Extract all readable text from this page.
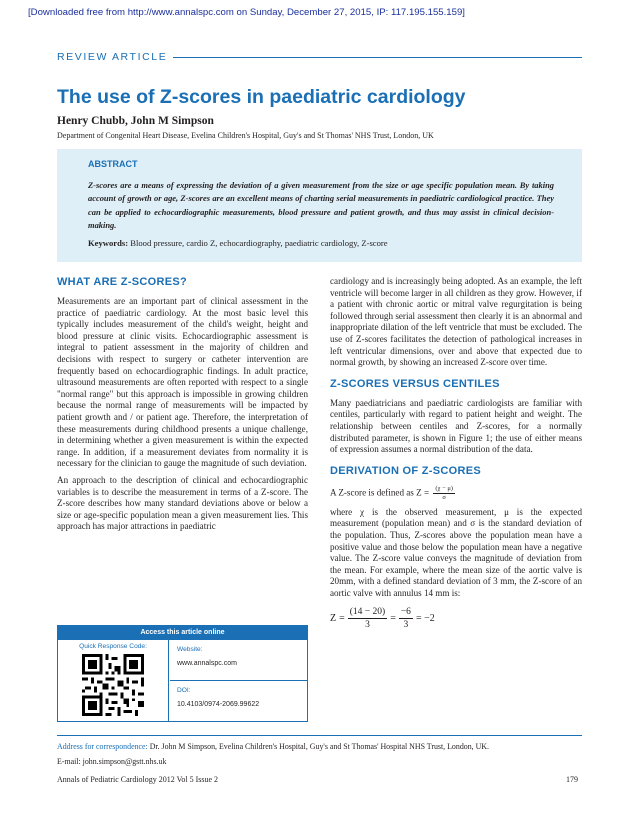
[Downloaded free from http://www.annalspc.com on Sunday, December 27, 2015, IP: 117.195.155.159]
REVIEW ARTICLE
The use of Z-scores in paediatric cardiology
Henry Chubb, John M Simpson
Department of Congenital Heart Disease, Evelina Children's Hospital, Guy's and St Thomas' NHS Trust, London, UK
ABSTRACT
Z-scores are a means of expressing the deviation of a given measurement from the size or age specific population mean. By taking account of growth or age, Z-scores are an excellent means of charting serial measurements in paediatric cardiological practice. They can be applied to echocardiographic measurements, blood pressure and patient growth, and thus may assist in clinical decision-making.
Keywords: Blood pressure, cardio Z, echocardiography, paediatric cardiology, Z-score
WHAT ARE Z-SCORES?

Measurements are an important part of clinical assessment in the practice of paediatric cardiology. At the most basic level this typically includes measurement of the child's weight, height and blood pressure at clinic visits. Echocardiographic assessment is integral to patient assessment in the majority of children and decisions with respect to surgery or catheter intervention are frequently based on echocardiographic findings. In adult practice, ultrasound measurements are often reported with respect to a single "normal range" but this approach is impossible in growing children because the normal range of measurements will be impacted by patient growth and / or patient age. Therefore, the interpretation of these measurements during childhood presents a unique challenge, in determining whether a given measurement is within the expected range. In addition, if a measurement deviates from normality it is necessary for the clinician to gauge the magnitude of such deviation.

An approach to the description of clinical and echocardiographic variables is to describe the measurement in terms of a Z-score. The Z-score describes how many standard deviations above or below a size or age-specific population mean a given measurement lies. This approach has major attractions in paediatric

Access this article online
Quick Response Code:	Website:
www.annalspc.com
DOI:
10.4103/0974-2069.99622

cardiology and is increasingly being adopted. As an example, the left ventricle will become larger in all children as they grow. However, if a patient with chronic aortic or mitral valve regurgitation is being followed through serial assessment then clearly it is an abnormal and inappropriate dilation of the left ventricle that must be excluded. The use of Z-scores facilitates the detection of pathological increases in left ventricular dimensions, over and above that expected due to normal growth, by showing an increased Z-score over time.

Z-SCORES VERSUS CENTILES

Many paediatricians and paediatric cardiologists are familiar with centiles, particularly with regard to patient height and weight. The relationship between centiles and Z-scores, for a normally distributed parameter, is shown in Figure 1; the use of either means of expression assumes a normal distribution of the data.

DERIVATION OF Z-SCORES

A Z-score is defined as $Z = \frac{(\chi - \mu)}{\sigma}$

where χ is the observed measurement, μ is the expected measurement (population mean) and σ is the standard deviation of the population. Thus, Z-scores above the population mean have a positive value and those below the population mean have a negative value. The Z-score value conveys the magnitude of deviation from the mean. For example, where the mean size of the aortic valve is 20mm, with a defined standard deviation of 3 mm, the Z-score of an aortic valve with annulus 14 mm is:

$Z = \frac{(14 - 20)}{3} = \frac{-6}{3} = -2$
Address for correspondence: Dr. John M Simpson, Evelina Children's Hospital, Guy's and St Thomas' Hospital NHS Trust, London, UK.
E-mail: john.simpson@gstt.nhs.uk
Annals of Pediatric Cardiology 2012 Vol 5 Issue 2	179
